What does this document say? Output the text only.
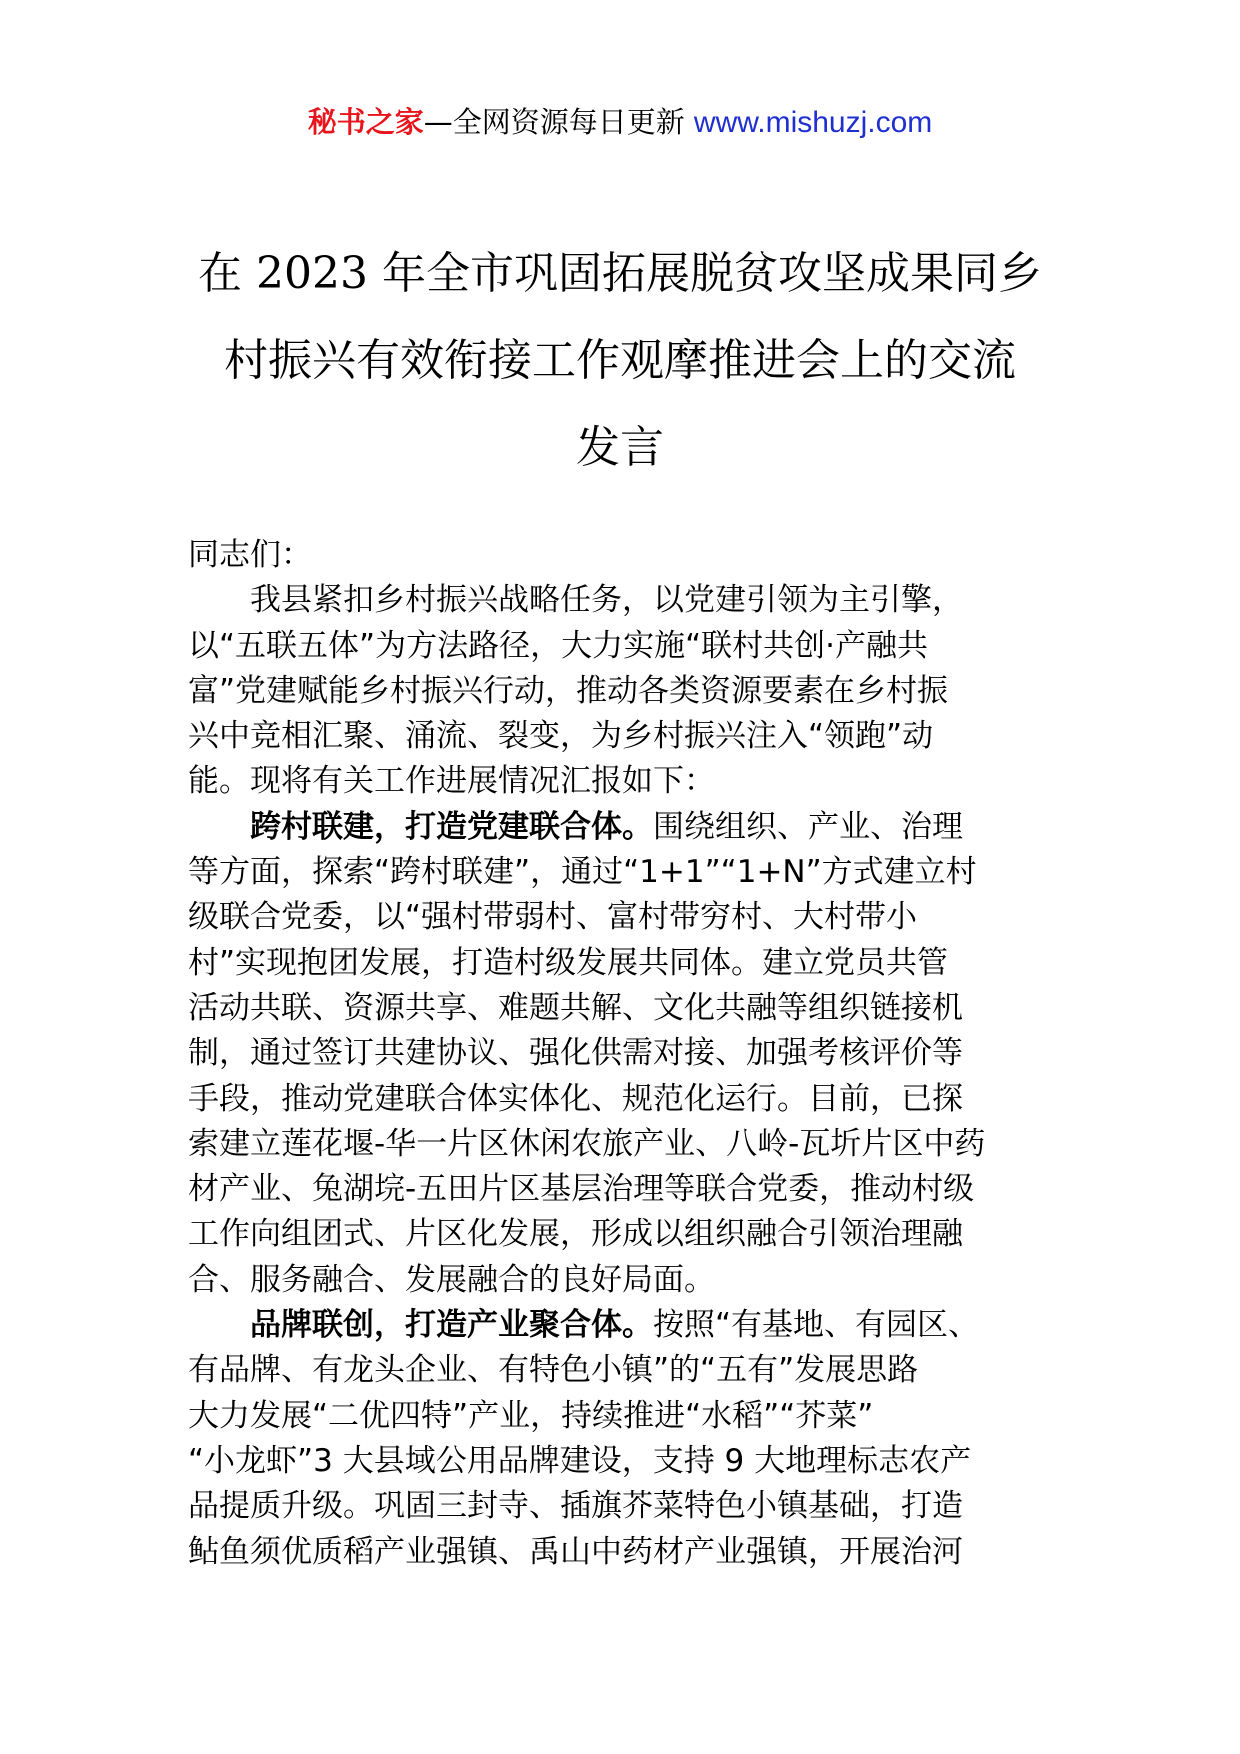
秘书之家—全网资源每日更新 www.mishuzj.com
在 2023 年全市巩固拓展脱贫攻坚成果同乡
村振兴有效衔接工作观摩推进会上的交流
发言
同志们：
我县紧扣乡村振兴战略任务，以党建引领为主引擎，
以“五联五体”为方法路径，大力实施“联村共创·产融共
富”党建赋能乡村振兴行动，推动各类资源要素在乡村振
兴中竞相汇聚、涌流、裂变，为乡村振兴注入“领跑”动
能。现将有关工作进展情况汇报如下：
跨村联建，打造党建联合体。围绕组织、产业、治理
等方面，探索“跨村联建”，通过“1+1”“1+N”方式建立村
级联合党委，以“强村带弱村、富村带穷村、大村带小
村”实现抱团发展，打造村级发展共同体。建立党员共管
活动共联、资源共享、难题共解、文化共融等组织链接机
制，通过签订共建协议、强化供需对接、加强考核评价等
手段，推动党建联合体实体化、规范化运行。目前，已探
索建立莲花堰-华一片区休闲农旅产业、八岭-瓦圻片区中药
材产业、兔湖垸-五田片区基层治理等联合党委，推动村级
工作向组团式、片区化发展，形成以组织融合引领治理融
合、服务融合、发展融合的良好局面。
品牌联创，打造产业聚合体。按照“有基地、有园区、
有品牌、有龙头企业、有特色小镇”的“五有”发展思路
大力发展“二优四特”产业，持续推进“水稻”“芥菜”
“小龙虾”3 大县域公用品牌建设，支持 9 大地理标志农产
品提质升级。巩固三封寺、插旗芥菜特色小镇基础，打造
鲇鱼须优质稻产业强镇、禹山中药材产业强镇，开展治河
